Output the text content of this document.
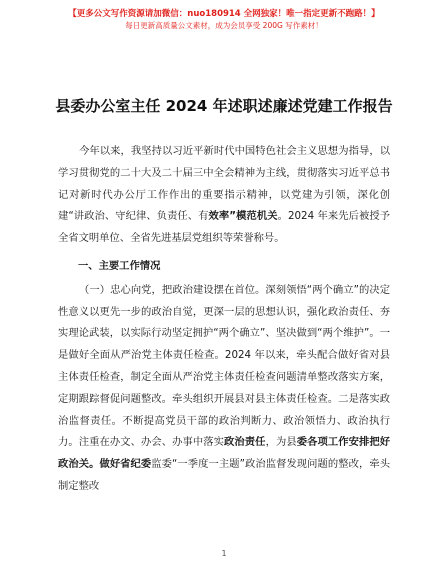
【更多公文写作资源请加微信：nuo180914 全网独家！唯一指定更新不跑路！】
每日更新高质量公文素材，成为会员享受 200G 写作素材！
县委办公室主任 2024 年述职述廉述党建工作报告

今年以来，我坚持以习近平新时代中国特色社会主义思想为指导，以学习贯彻党的二十大及二十届三中全会精神为主线，贯彻落实习近平总书记对新时代办公厅工作作出的重要指示精神，以党建为引领，深化创建“讲政治、守纪律、负责任、有效率”模范机关。2024 年来先后被授予全省文明单位、全省先进基层党组织等荣誉称号。

一、主要工作情况

（一）忠心向党，把政治建设摆在首位。深刻领悟“两个确立”的决定性意义以更先一步的政治自觉，更深一层的思想认识，强化政治责任、夯实理论武装，以实际行动坚定拥护“两个确立”、坚决做到“两个维护”。一是做好全面从严治党主体责任检查。2024 年以来，牵头配合做好省对县主体责任检查，制定全面从严治党主体责任检查问题清单整改落实方案，定期跟踪督促问题整改。牵头组织开展县对县主体责任检查。二是落实政治监督责任。不断提高党员干部的政治判断力、政治领悟力、政治执行力。注重在办文、办会、办事中落实政治责任，为县委各项工作安排把好政治关。做好省纪委监委“一季度一主题”政治监督发现问题的整改，牵头制定整改

1
